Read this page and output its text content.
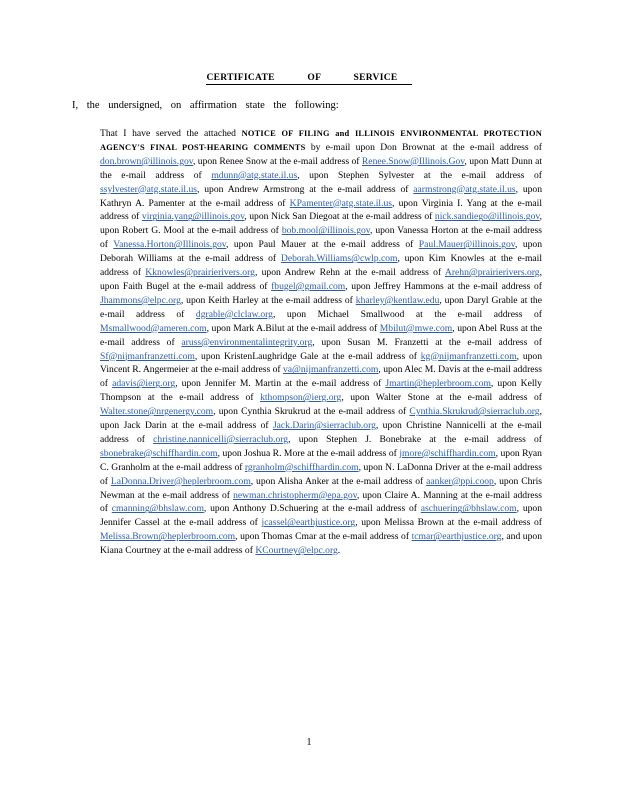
CERTIFICATE OF SERVICE
I, the undersigned, on affirmation state the following:
That I have served the attached NOTICE OF FILING and ILLINOIS ENVIRONMENTAL PROTECTION AGENCY'S FINAL POST-HEARING COMMENTS by e-mail upon Don Brownat at the e-mail address of don.brown@illinois.gov, upon Renee Snow at the e-mail address of Renee.Snow@Illinois.Gov, upon Matt Dunn at the e-mail address of mdunn@atg.state.il.us, upon Stephen Sylvester at the e-mail address of ssylvester@atg.state.il.us, upon Andrew Armstrong at the e-mail address of aarmstrong@atg.state.il.us, upon Kathryn A. Pamenter at the e-mail address of KPamenter@atg.state.il.us, upon Virginia I. Yang at the e-mail address of virginia.yang@illinois.gov, upon Nick San Diegoat at the e-mail address of nick.sandiego@illinois.gov, upon Robert G. Mool at the e-mail address of bob.mool@illinois.gov, upon Vanessa Horton at the e-mail address of Vanessa.Horton@Illinois.gov, upon Paul Mauer at the e-mail address of Paul.Mauer@illinois.gov, upon Deborah Williams at the e-mail address of Deborah.Williams@cwlp.com, upon Kim Knowles at the e-mail address of Kknowles@prairierivers.org, upon Andrew Rehn at the e-mail address of Arehn@prairierivers.org, upon Faith Bugel at the e-mail address of fbugel@gmail.com, upon Jeffrey Hammons at the e-mail address of Jhammons@elpc.org, upon Keith Harley at the e-mail address of kharley@kentlaw.edu, upon Daryl Grable at the e-mail address of dgrable@clclaw.org, upon Michael Smallwood at the e-mail address of Msmallwood@ameren.com, upon Mark A.Bilut at the e-mail address of Mbilut@mwe.com, upon Abel Russ at the e-mail address of aruss@environmentalintegrity.org, upon Susan M. Franzetti at the e-mail address of Sf@nijmanfranzetti.com, upon KristenLaughridge Gale at the e-mail address of kg@nijmanfranzetti.com, upon Vincent R. Angermeier at the e-mail address of va@nijmanfranzetti.com, upon Alec M. Davis at the e-mail address of adavis@ierg.org, upon Jennifer M. Martin at the e-mail address of Jmartin@heplerbroom.com, upon Kelly Thompson at the e-mail address of kthompson@ierg.org, upon Walter Stone at the e-mail address of Walter.stone@nrgenergy.com, upon Cynthia Skrukrud at the e-mail address of Cynthia.Skrukrud@sierraclub.org, upon Jack Darin at the e-mail address of Jack.Darin@sierraclub.org, upon Christine Nannicelli at the e-mail address of christine.nannicelli@sierraclub.org, upon Stephen J. Bonebrake at the e-mail address of sbonebrake@schiffhardin.com, upon Joshua R. More at the e-mail address of jmore@schiffhardin.com, upon Ryan C. Granholm at the e-mail address of rgranholm@schiffhardin.com, upon N. LaDonna Driver at the e-mail address of LaDonna.Driver@heplerbroom.com, upon Alisha Anker at the e-mail address of aanker@ppi.coop, upon Chris Newman at the e-mail address of newman.christopherm@epa.gov, upon Claire A. Manning at the e-mail address of cmanning@bhslaw.com, upon Anthony D.Schuering at the e-mail address of aschuering@bhslaw.com, upon Jennifer Cassel at the e-mail address of jcassel@earthjustice.org, upon Melissa Brown at the e-mail address of Melissa.Brown@heplerbroom.com, upon Thomas Cmar at the e-mail address of tcmar@earthjustice.org, and upon Kiana Courtney at the e-mail address of KCourtney@elpc.org.
1
